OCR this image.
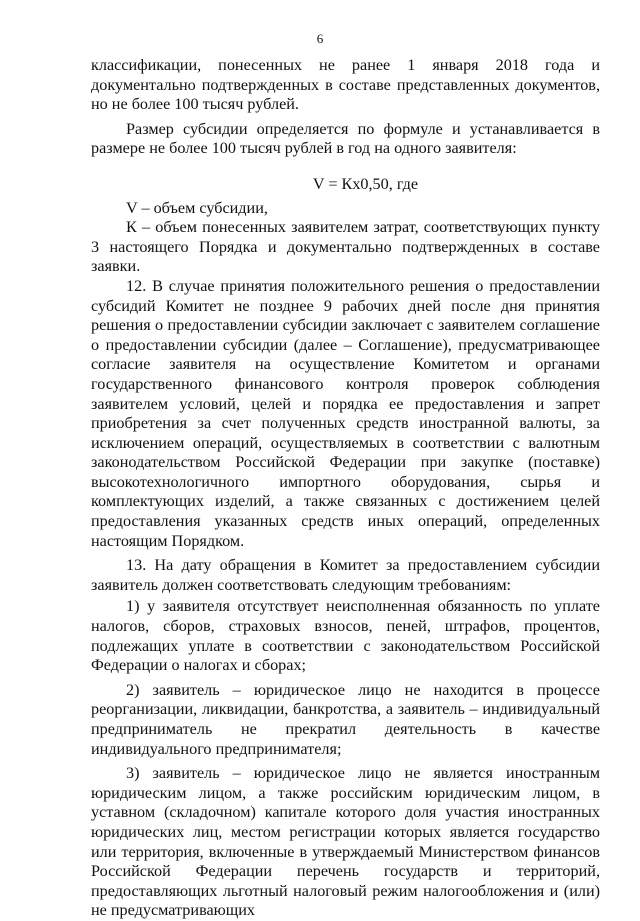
6

классификации, понесенных не ранее 1 января 2018 года и документально подтвержденных в составе представленных документов, но не более 100 тысяч рублей.

Размер субсидии определяется по формуле и устанавливается в размере не более 100 тысяч рублей в год на одного заявителя:

V = Кх0,50, где

V – объем субсидии,

К – объем понесенных заявителем затрат, соответствующих пункту 3 настоящего Порядка и документально подтвержденных в составе заявки.

12. В случае принятия положительного решения о предоставлении субсидий Комитет не позднее 9 рабочих дней после дня принятия решения о предоставлении субсидии заключает с заявителем соглашение о предоставлении субсидии (далее – Соглашение), предусматривающее согласие заявителя на осуществление Комитетом и органами государственного финансового контроля проверок соблюдения заявителем условий, целей и порядка ее предоставления и запрет приобретения за счет полученных средств иностранной валюты, за исключением операций, осуществляемых в соответствии с валютным законодательством Российской Федерации при закупке (поставке) высокотехнологичного импортного оборудования, сырья и комплектующих изделий, а также связанных с достижением целей предоставления указанных средств иных операций, определенных настоящим Порядком.

13. На дату обращения в Комитет за предоставлением субсидии заявитель должен соответствовать следующим требованиям:

1) у заявителя отсутствует неисполненная обязанность по уплате налогов, сборов, страховых взносов, пеней, штрафов, процентов, подлежащих уплате в соответствии с законодательством Российской Федерации о налогах и сборах;

2) заявитель – юридическое лицо не находится в процессе реорганизации, ликвидации, банкротства, а заявитель – индивидуальный предприниматель не прекратил деятельность в качестве индивидуального предпринимателя;

3) заявитель – юридическое лицо не является иностранным юридическим лицом, а также российским юридическим лицом, в уставном (складочном) капитале которого доля участия иностранных юридических лиц, местом регистрации которых является государство или территория, включенные в утверждаемый Министерством финансов Российской Федерации перечень государств и территорий, предоставляющих льготный налоговый режим налогообложения и (или) не предусматривающих
